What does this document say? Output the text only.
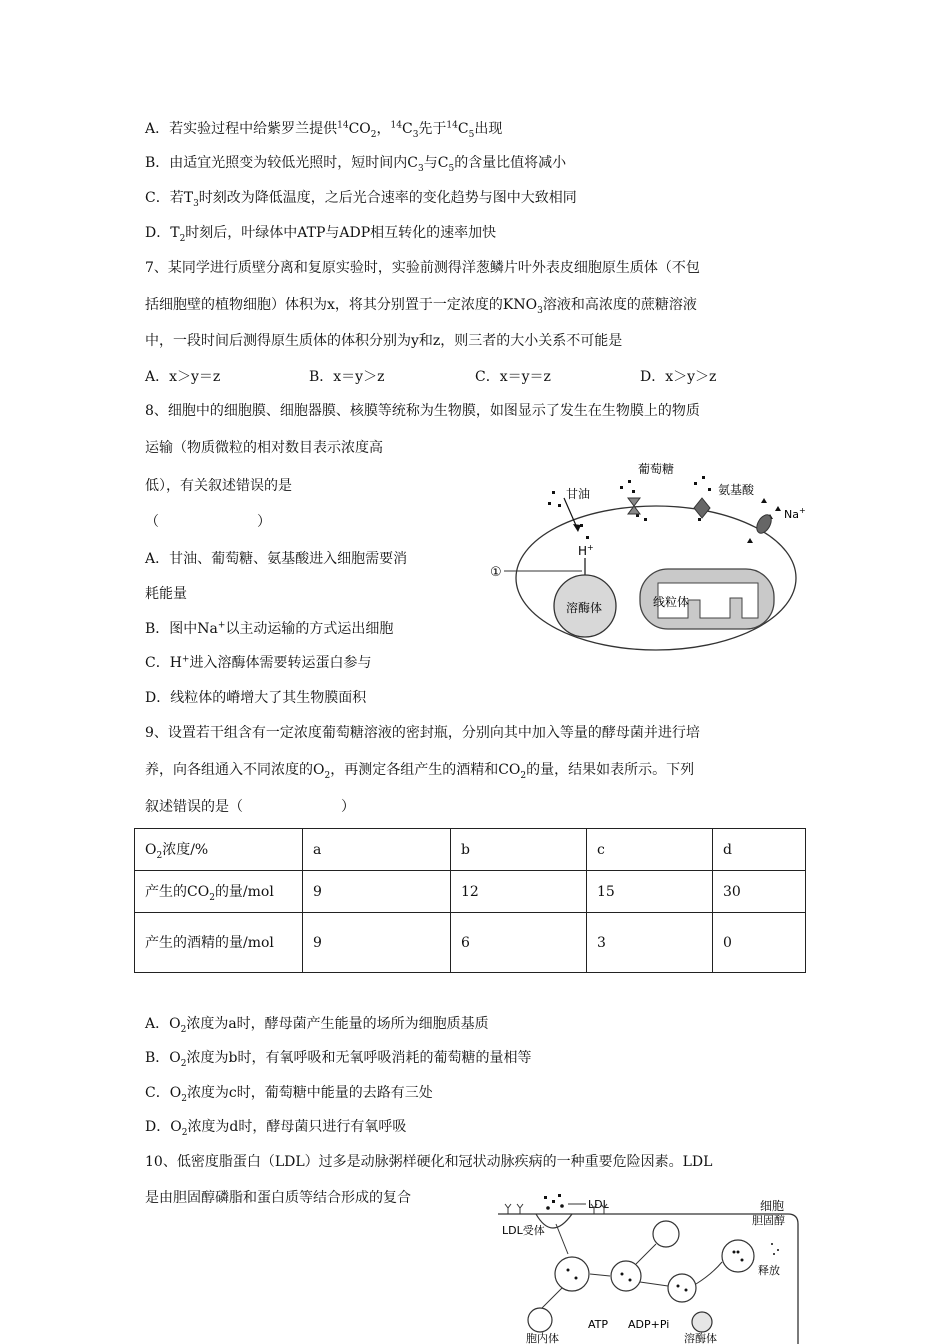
A．若实验过程中给紫罗兰提供$^{14}CO_2$，$^{14}C_3$先于$^{14}C_5$出现
B．由适宜光照变为较低光照时，短时间内$C_3$与$C_5$的含量比值将减小
C．若$T_3$时刻改为降低温度，之后光合速率的变化趋势与图中大致相同
D．$T_2$时刻后，叶绿体中ATP与ADP相互转化的速率加快
7、某同学进行质壁分离和复原实验时，实验前测得洋葱鳞片叶外表皮细胞原生质体（不包
括细胞壁的植物细胞）体积为x，将其分别置于一定浓度的$KNO_3$溶液和高浓度的蔗糖溶液
中，一段时间后测得原生质体的体积分别为y和z，则三者的大小关系不可能是
A．x＞y＝z	B．x＝y＞z	C．x＝y＝z	D．x＞y＞z
8、细胞中的细胞膜、细胞器膜、核膜等统称为生物膜，如图显示了发生在生物膜上的物质
运输（物质微粒的相对数目表示浓度高
低），有关叙述错误的是
（　　　　　　　）
A．甘油、葡萄糖、氨基酸进入细胞需要消
耗能量
B．图中Na+以主动运输的方式运出细胞
C．H+进入溶酶体需要转运蛋白参与
D．线粒体的嵴增大了其生物膜面积
甘油
葡萄糖
氨基酸
Na+
H+
①
溶酶体	线粒体
9、设置若干组含有一定浓度葡萄糖溶液的密封瓶，分别向其中加入等量的酵母菌并进行培
养，向各组通入不同浓度的$O_2$，再测定各组产生的酒精和$CO_2$的量，结果如表所示。下列
叙述错误的是（　　　　　　　）
$O_2$浓度/%	a	b	c	d
产生的$CO_2$的量/mol	9	12	15	30
产生的酒精的量/mol	9	6	3	0
A．$O_2$浓度为a时，酵母菌产生能量的场所为细胞质基质
B．$O_2$浓度为b时，有氧呼吸和无氧呼吸消耗的葡萄糖的量相等
C．$O_2$浓度为c时，葡萄糖中能量的去路有三处
D．$O_2$浓度为d时，酵母菌只进行有氧呼吸
10、低密度脂蛋白（LDL）过多是动脉粥样硬化和冠状动脉疾病的一种重要危险因素。LDL
是由胆固醇磷脂和蛋白质等结合形成的复合	细胞
LDL
LDL受体
胆固醇
释放
胞内体
ATP ADP+Pi
溶酶体
